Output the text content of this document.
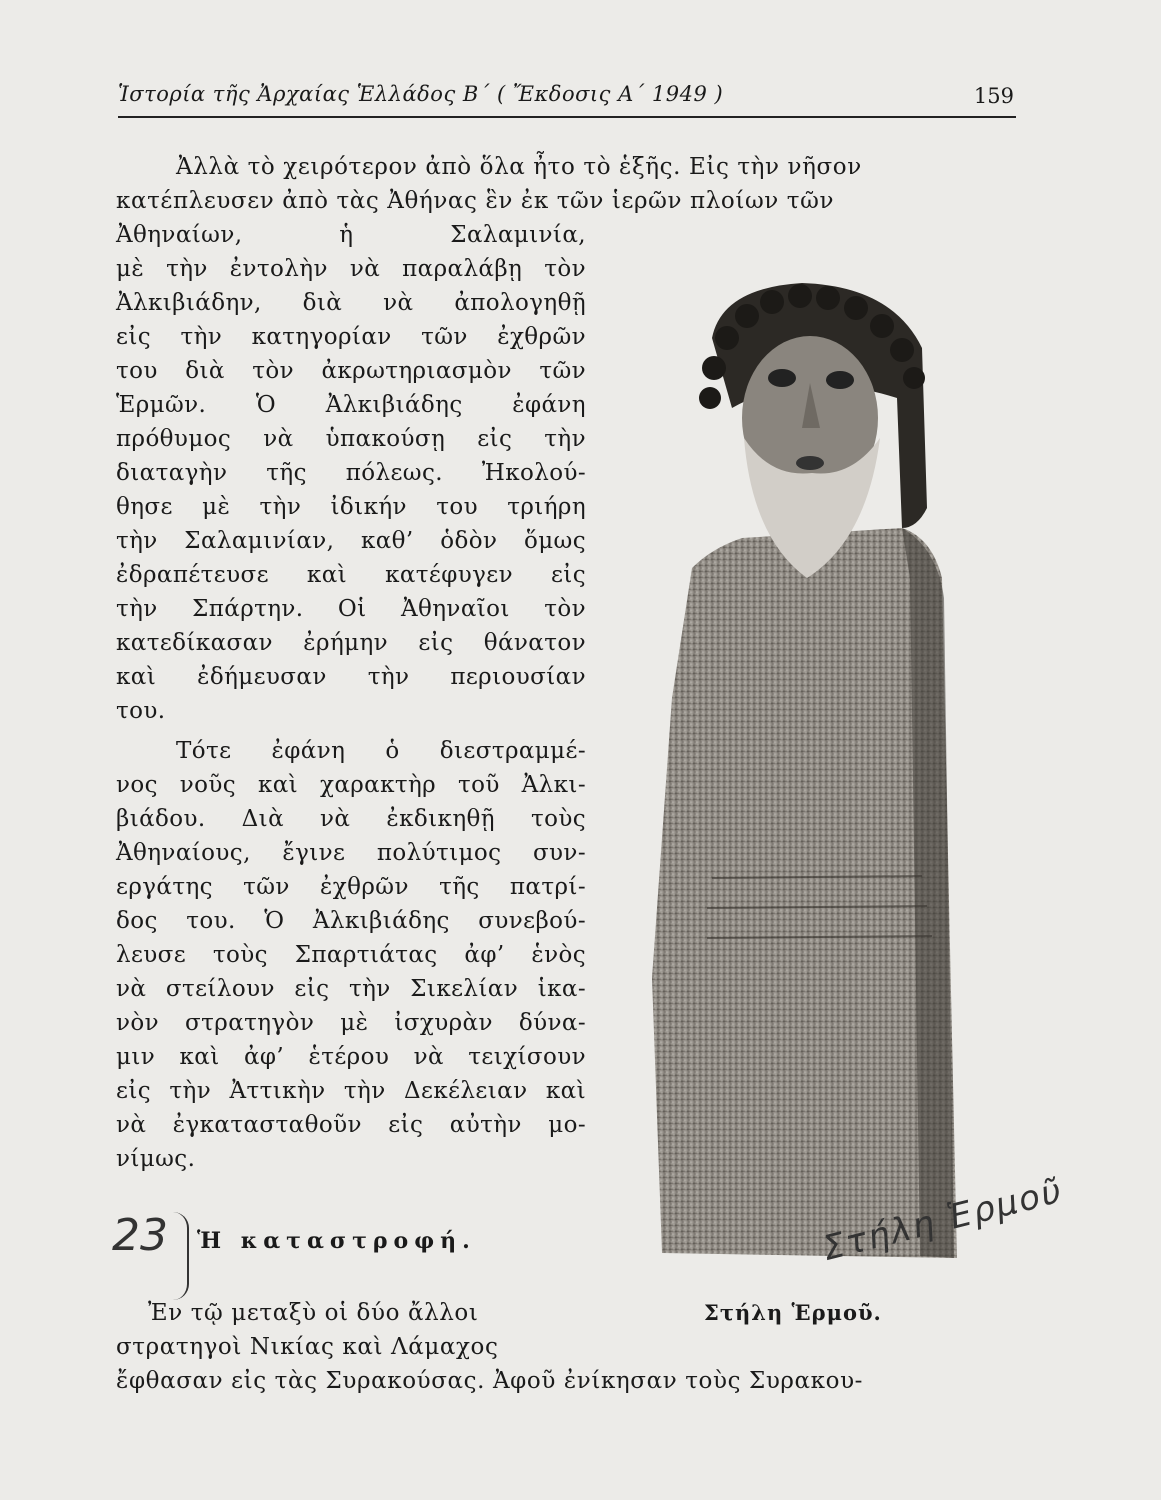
Ἱστορία τῆς Ἀρχαίας Ἑλλάδος Β΄ ( Ἔκδοσις Α΄ 1949 )	159
Ἀλλὰ τὸ χειρότερον ἀπὸ ὅλα ἦτο τὸ ἑξῆς. Εἰς τὴν νῆσον
κατέπλευσεν ἀπὸ τὰς Ἀθήνας ἓν ἐκ τῶν ἱερῶν πλοίων τῶν
Ἀθηναίων, ἡ Σαλαμινία,
μὲ τὴν ἐντολὴν νὰ παραλάβῃ τὸν
Ἀλκιβιάδην, διὰ νὰ ἀπολογηθῇ
εἰς τὴν κατηγορίαν τῶν ἐχθρῶν
του διὰ τὸν ἀκρωτηριασμὸν τῶν
Ἑρμῶν. Ὁ Ἀλκιβιάδης ἐφάνη
πρόθυμος νὰ ὑπακούσῃ εἰς τὴν
διαταγὴν τῆς πόλεως. Ἠκολού-
θησε μὲ τὴν ἰδικήν του τριήρη
τὴν Σαλαμινίαν, καθ’ ὁδὸν ὅμως
ἐδραπέτευσε καὶ κατέφυγεν εἰς
τὴν Σπάρτην. Οἱ Ἀθηναῖοι τὸν
κατεδίκασαν ἐρήμην εἰς θάνατον
καὶ ἐδήμευσαν τὴν περιουσίαν
του.
Τότε ἐφάνη ὁ διεστραμμέ-
νος νοῦς καὶ χαρακτὴρ τοῦ Ἀλκι-
βιάδου. Διὰ νὰ ἐκδικηθῇ τοὺς
Ἀθηναίους, ἔγινε πολύτιμος συν-
εργάτης τῶν ἐχθρῶν τῆς πατρί-
δος του. Ὁ Ἀλκιβιάδης συνεβού-
λευσε τοὺς Σπαρτιάτας ἀφ’ ἑνὸς
νὰ στείλουν εἰς τὴν Σικελίαν ἱκα-
νὸν στρατηγὸν μὲ ἰσχυρὰν δύνα-
μιν καὶ ἀφ’ ἑτέρου νὰ τειχίσουν
εἰς τὴν Ἀττικὴν τὴν Δεκέλειαν καὶ
νὰ ἐγκατασταθοῦν εἰς αὐτὴν μο-
νίμως.
23 Ἡ καταστροφή.
Ἐν τῷ μεταξὺ οἱ δύο ἄλλοι
στρατηγοὶ Νικίας καὶ Λάμαχος
ἔφθασαν εἰς τὰς Συρακούσας. Ἀφοῦ ἐνίκησαν τοὺς Συρακου-
Στήλη Ἑρμοῦ
Στήλη Ἑρμοῦ.
